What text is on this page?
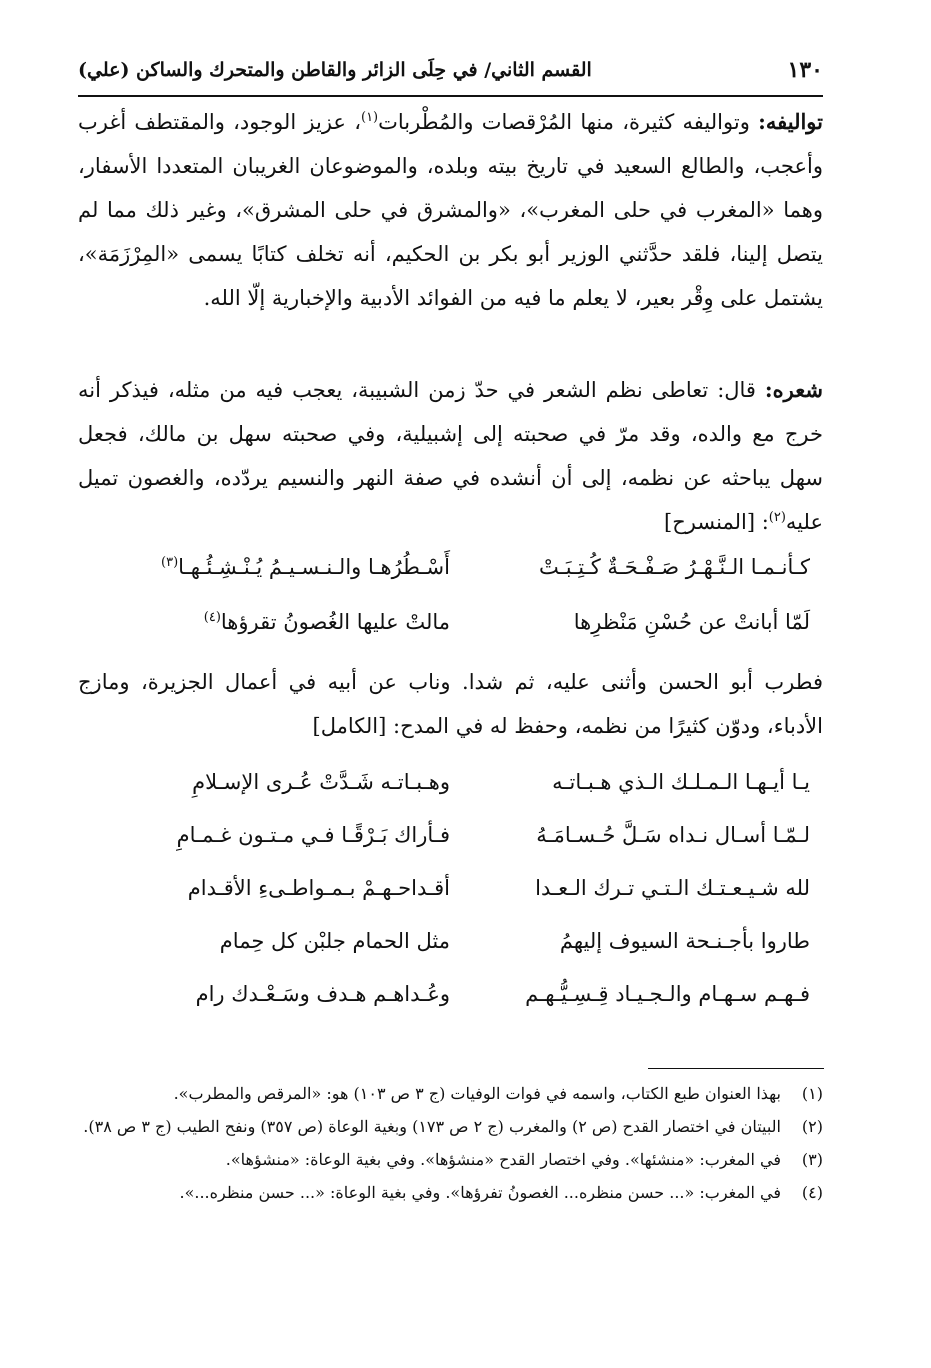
١٣٠
القسم الثاني/ في حِلَى الزائر والقاطن والمتحرك والساكن (علي)

تواليفه: وتواليفه كثيرة، منها المُرْقصات والمُطْربات$^{(١)}$، عزيز الوجود، والمقتطف أغرب وأعجب، والطالع السعيد في تاريخ بيته وبلده، والموضوعان الغريبان المتعددا الأسفار، وهما «المغرب في حلى المغرب»، «والمشرق في حلى المشرق»، وغير ذلك مما لم يتصل إلينا، فلقد حدَّثني الوزير أبو بكر بن الحكيم، أنه تخلف كتابًا يسمى «المِرْزَمَة»، يشتمل على وِقْر بعير، لا يعلم ما فيه من الفوائد الأدبية والإخبارية إلّا الله.

شعره: قال: تعاطى نظم الشعر في حدّ زمن الشبيبة، يعجب فيه من مثله، فيذكر أنه خرج مع والده، وقد مرّ في صحبته إلى إشبيلية، وفي صحبته سهل بن مالك، فجعل سهل يباحثه عن نظمه، إلى أن أنشده في صفة النهر والنسيم يردّده، والغصون تميل عليه$^{(٢)}$: [المنسرح]

كـأنـمـا الـنَّـهْـرُ صَـفْـحَـةٌ كُـتِـبَـتْ
أَسْـطُرُهـا والـنـسـيـمُ يُـنْـشِـئُـهـا$^{(٣)}$
لَمّا أبانتْ عن حُسْنِ مَنْظرِها
مالتْ عليها الغُصونُ تقرؤها$^{(٤)}$

فطرب أبو الحسن وأثنى عليه، ثم شدا. وناب عن أبيه في أعمال الجزيرة، ومازج الأدباء، ودوّن كثيرًا من نظمه، وحفظ له في المدح: [الكامل]

يـا أيـهـا الـمـلـك الـذي هـبـاتـه
وهـبـاتـه شَـدَّتْ عُـرى الإسـلامِ
لـمّـا أسـال نـداه سَـلَّ حُـسـامَـهُ
فـأراك بَـرْقًـا فـي مـتـون غـمـامِ
لله شـيـعـتـك الـتـي تـرك الـعـدا
أقـداحـهـمْ بـمـواطـىءِ الأقـدام
طاروا بأجـنـحة السيوف إليهمُ
مثل الحمام جلبْن كل حِمام
فـهـم سـهـام والـجـيـاد قِـسِـيُّـهـم
وعُـداهـم هـدف وسَـعْـدك رام
(١)
بهذا العنوان طبع الكتاب، واسمه في فوات الوفيات (ج ٣ ص ١٠٣) هو: «المرقص والمطرب».
(٢)
البيتان في اختصار القدح (ص ٢) والمغرب (ج ٢ ص ١٧٣) وبغية الوعاة (ص ٣٥٧) ونفح الطيب (ج ٣ ص ٣٨).
(٣)
في المغرب: «منشئها». وفي اختصار القدح «منشؤها». وفي بغية الوعاة: «منشؤها».
(٤)
في المغرب: «... حسن منظره... الغصونُ تفرؤها». وفي بغية الوعاة: «... حسن منظره...».
